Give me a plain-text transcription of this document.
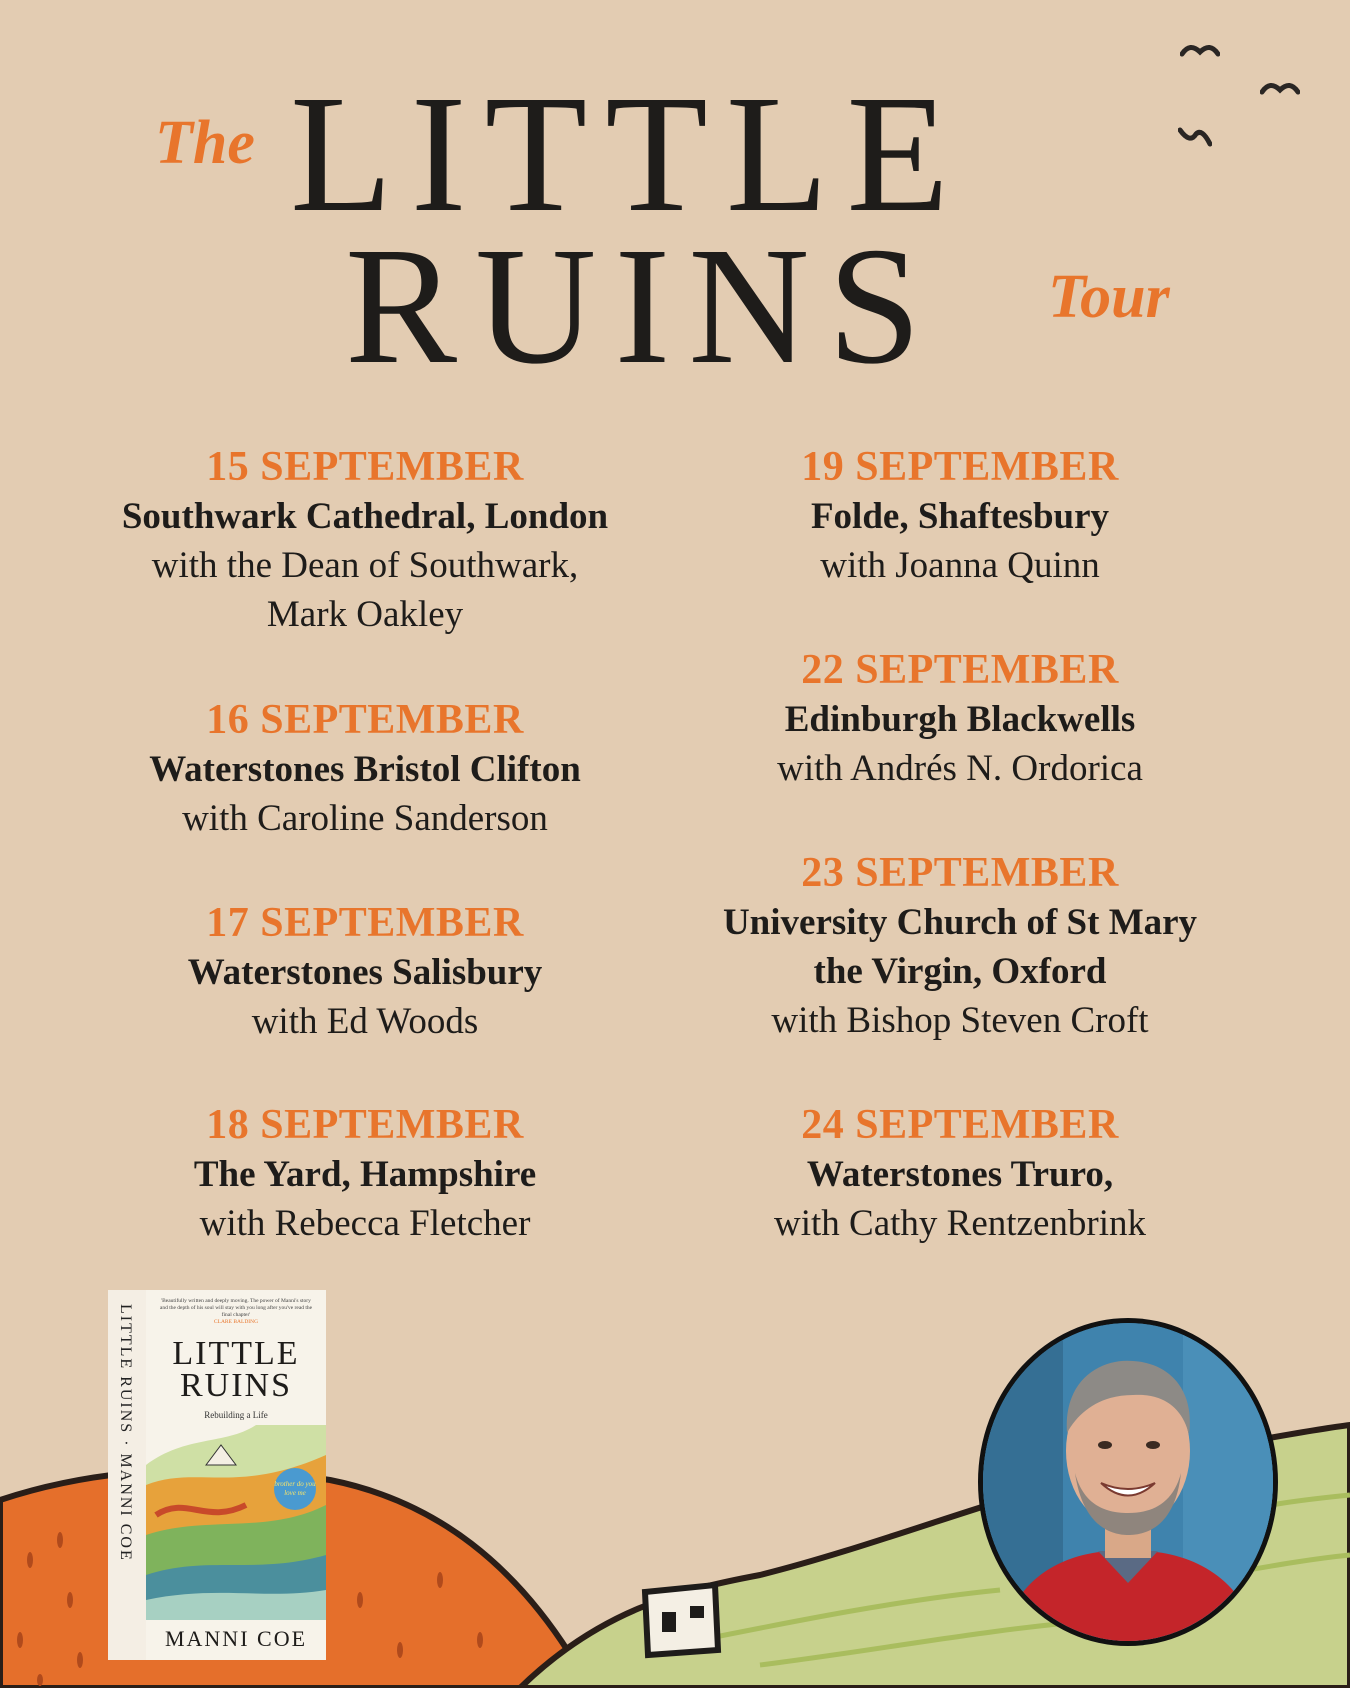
The LITTLE
RUINS Tour
15 SEPTEMBER
Southwark Cathedral, London
with the Dean of Southwark,
Mark Oakley
16 SEPTEMBER
Waterstones Bristol Clifton
with Caroline Sanderson
17 SEPTEMBER
Waterstones Salisbury
with Ed Woods
18 SEPTEMBER
The Yard, Hampshire
with Rebecca Fletcher
19 SEPTEMBER
Folde, Shaftesbury
with Joanna Quinn
22 SEPTEMBER
Edinburgh Blackwells
with Andrés N. Ordorica
23 SEPTEMBER
University Church of St Mary
the Virgin, Oxford
with Bishop Steven Croft
24 SEPTEMBER
Waterstones Truro,
with Cathy Rentzenbrink
LITTLE RUINS · MANNI COE
'Beautifully written and deeply moving. The power of Manni's story and the depth of his soul will stay with you long after you've read the final chapter'
CLARE BALDING
LITTLE
RUINS
Rebuilding a Life
brother do you love me
MANNI COE
